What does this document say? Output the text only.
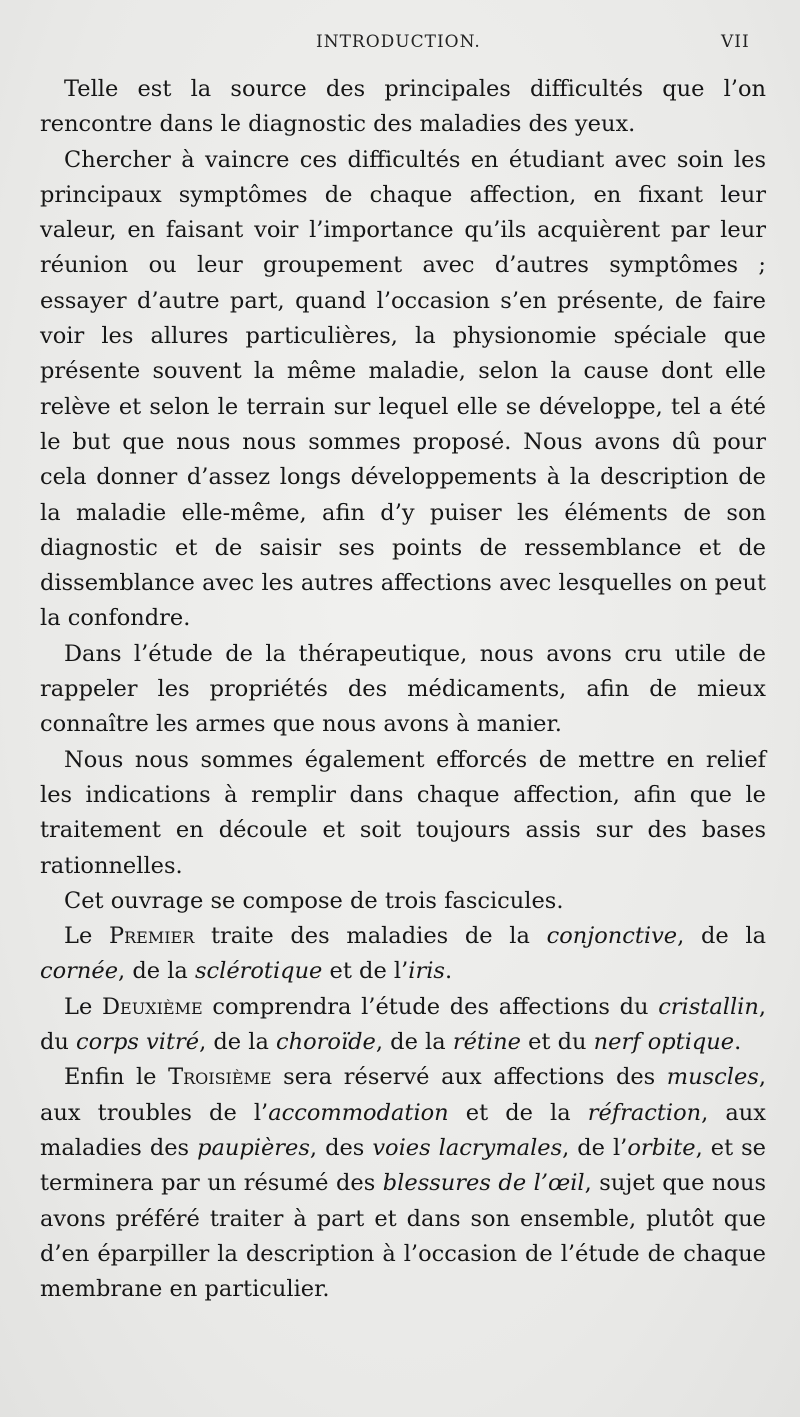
INTRODUCTION.	VII

Telle est la source des principales difficultés que l’on rencontre dans le diagnostic des maladies des yeux.

Chercher à vaincre ces difficultés en étudiant avec soin les principaux symptômes de chaque affection, en fixant leur valeur, en faisant voir l’importance qu’ils acquièrent par leur réunion ou leur groupement avec d’autres symptômes ; essayer d’autre part, quand l’occasion s’en présente, de faire voir les allures particulières, la physionomie spéciale que présente souvent la même maladie, selon la cause dont elle relève et selon le terrain sur lequel elle se développe, tel a été le but que nous nous sommes proposé. Nous avons dû pour cela donner d’assez longs développements à la description de la maladie elle-même, afin d’y puiser les éléments de son diagnostic et de saisir ses points de ressemblance et de dissemblance avec les autres affections avec lesquelles on peut la confondre.

Dans l’étude de la thérapeutique, nous avons cru utile de rappeler les propriétés des médicaments, afin de mieux connaître les armes que nous avons à manier.

Nous nous sommes également efforcés de mettre en relief les indications à remplir dans chaque affection, afin que le traitement en découle et soit toujours assis sur des bases rationnelles.

Cet ouvrage se compose de trois fascicules.

Le Premier traite des maladies de la conjonctive, de la cornée, de la sclérotique et de l’iris.

Le Deuxième comprendra l’étude des affections du cristallin, du corps vitré, de la choroïde, de la rétine et du nerf optique.

Enfin le Troisième sera réservé aux affections des muscles, aux troubles de l’accommodation et de la réfraction, aux maladies des paupières, des voies lacrymales, de l’orbite, et se terminera par un résumé des blessures de l’œil, sujet que nous avons préféré traiter à part et dans son ensemble, plutôt que d’en éparpiller la description à l’occasion de l’étude de chaque membrane en particulier.
